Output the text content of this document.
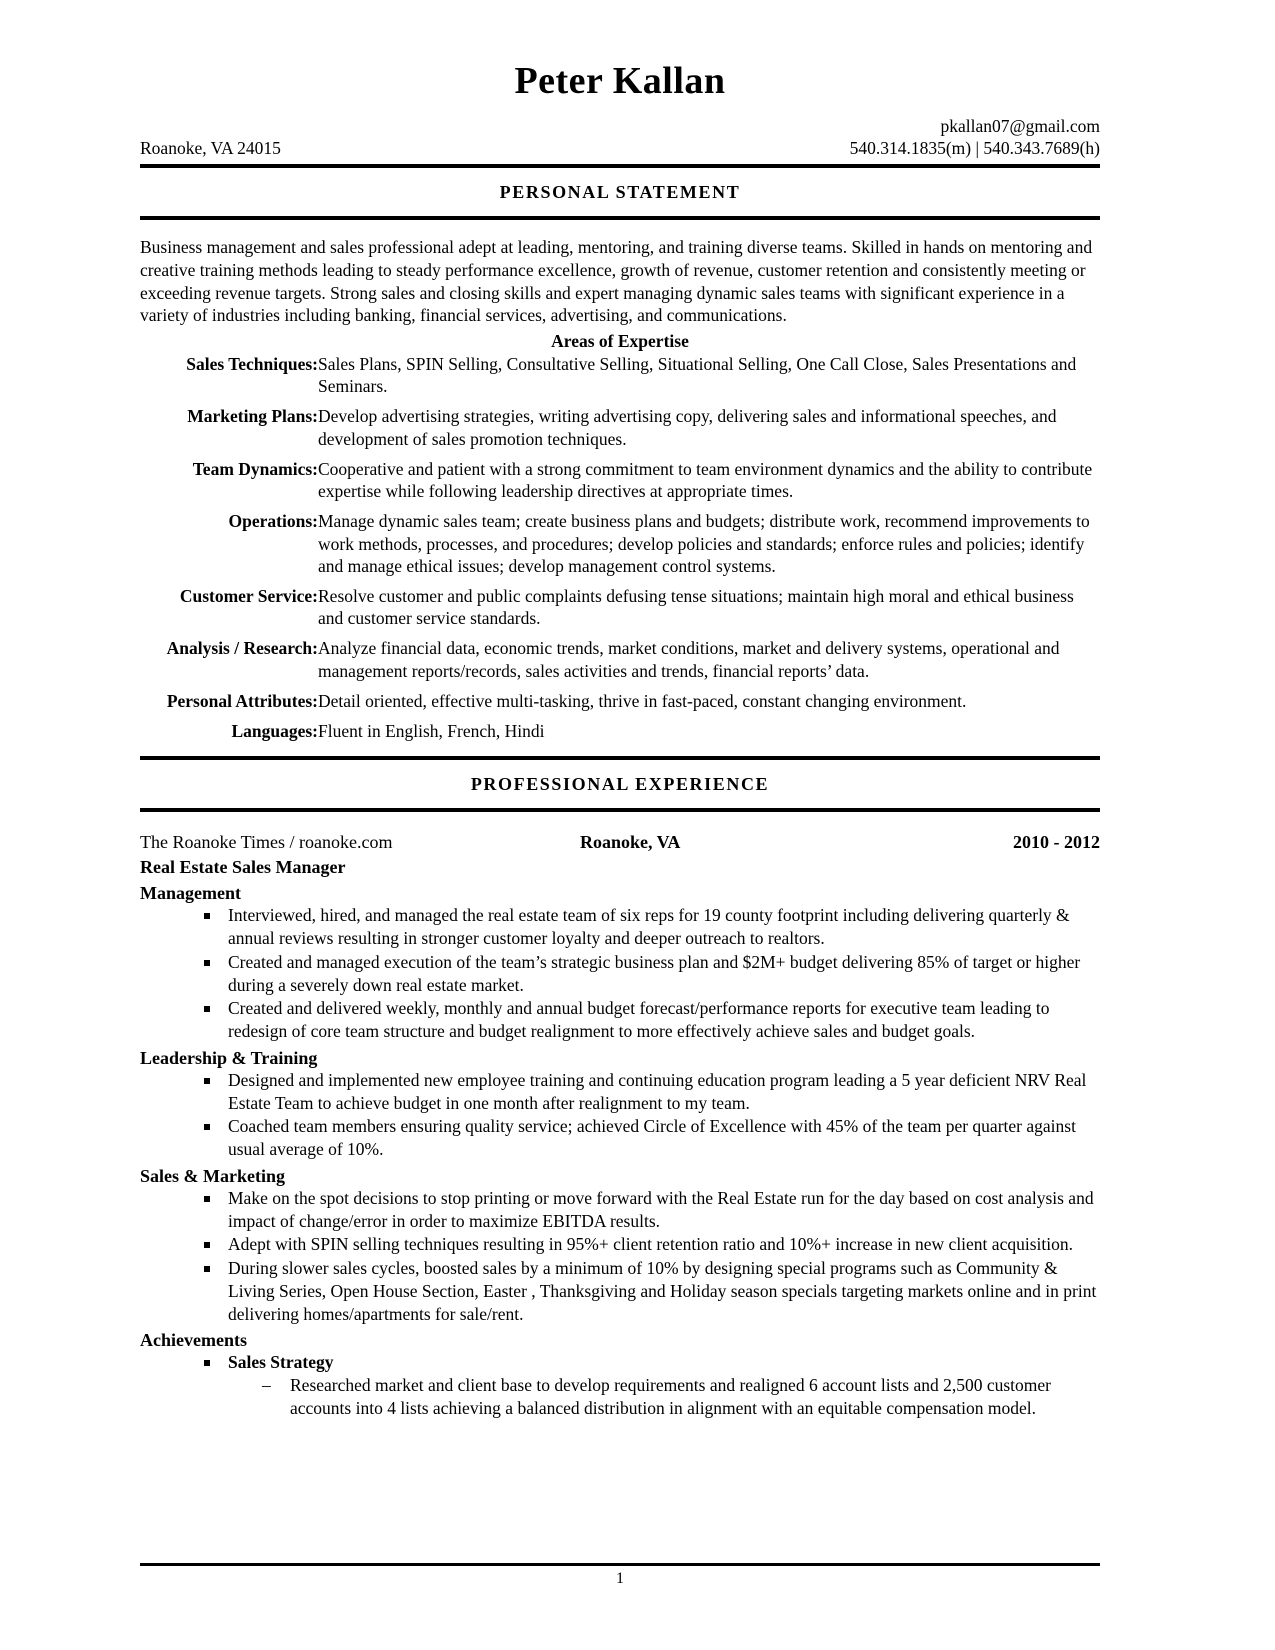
Peter Kallan
pkallan07@gmail.com
Roanoke, VA 24015	540.314.1835(m) | 540.343.7689(h)
PERSONAL STATEMENT

Business management and sales professional adept at leading, mentoring, and training diverse teams. Skilled in hands on mentoring and creative training methods leading to steady performance excellence, growth of revenue, customer retention and consistently meeting or exceeding revenue targets. Strong sales and closing skills and expert managing dynamic sales teams with significant experience in a variety of industries including banking, financial services, advertising, and communications.

Areas of Expertise
Sales Techniques:	Sales Plans, SPIN Selling, Consultative Selling, Situational Selling, One Call Close, Sales Presentations and Seminars.
Marketing Plans:	Develop advertising strategies, writing advertising copy, delivering sales and informational speeches, and development of sales promotion techniques.
Team Dynamics:	Cooperative and patient with a strong commitment to team environment dynamics and the ability to contribute expertise while following leadership directives at appropriate times.
Operations:	Manage dynamic sales team; create business plans and budgets; distribute work, recommend improvements to work methods, processes, and procedures; develop policies and standards; enforce rules and policies; identify and manage ethical issues; develop management control systems.
Customer Service:	Resolve customer and public complaints defusing tense situations; maintain high moral and ethical business and customer service standards.
Analysis / Research:	Analyze financial data, economic trends, market conditions, market and delivery systems, operational and management reports/records, sales activities and trends, financial reports’ data.
Personal Attributes:	Detail oriented, effective multi-tasking, thrive in fast-paced, constant changing environment.
Languages:	Fluent in English, French, Hindi
PROFESSIONAL EXPERIENCE
The Roanoke Times / roanoke.com	Roanoke, VA	2010 - 2012
Real Estate Sales Manager
Management
Interviewed, hired, and managed the real estate team of six reps for 19 county footprint including delivering quarterly & annual reviews resulting in stronger customer loyalty and deeper outreach to realtors.
Created and managed execution of the team’s strategic business plan and $2M+ budget delivering 85% of target or higher during a severely down real estate market.
Created and delivered weekly, monthly and annual budget forecast/performance reports for executive team leading to redesign of core team structure and budget realignment to more effectively achieve sales and budget goals.
Leadership & Training
Designed and implemented new employee training and continuing education program leading a 5 year deficient NRV Real Estate Team to achieve budget in one month after realignment to my team.
Coached team members ensuring quality service; achieved Circle of Excellence with 45% of the team per quarter against usual average of 10%.
Sales & Marketing
Make on the spot decisions to stop printing or move forward with the Real Estate run for the day based on cost analysis and impact of change/error in order to maximize EBITDA results.
Adept with SPIN selling techniques resulting in 95%+ client retention ratio and 10%+ increase in new client acquisition.
During slower sales cycles, boosted sales by a minimum of 10% by designing special programs such as Community & Living Series, Open House Section, Easter , Thanksgiving and Holiday season specials targeting markets online and in print delivering homes/apartments for sale/rent.
Achievements
Sales Strategy
– Researched market and client base to develop requirements and realigned 6 account lists and 2,500 customer accounts into 4 lists achieving a balanced distribution in alignment with an equitable compensation model.
1
